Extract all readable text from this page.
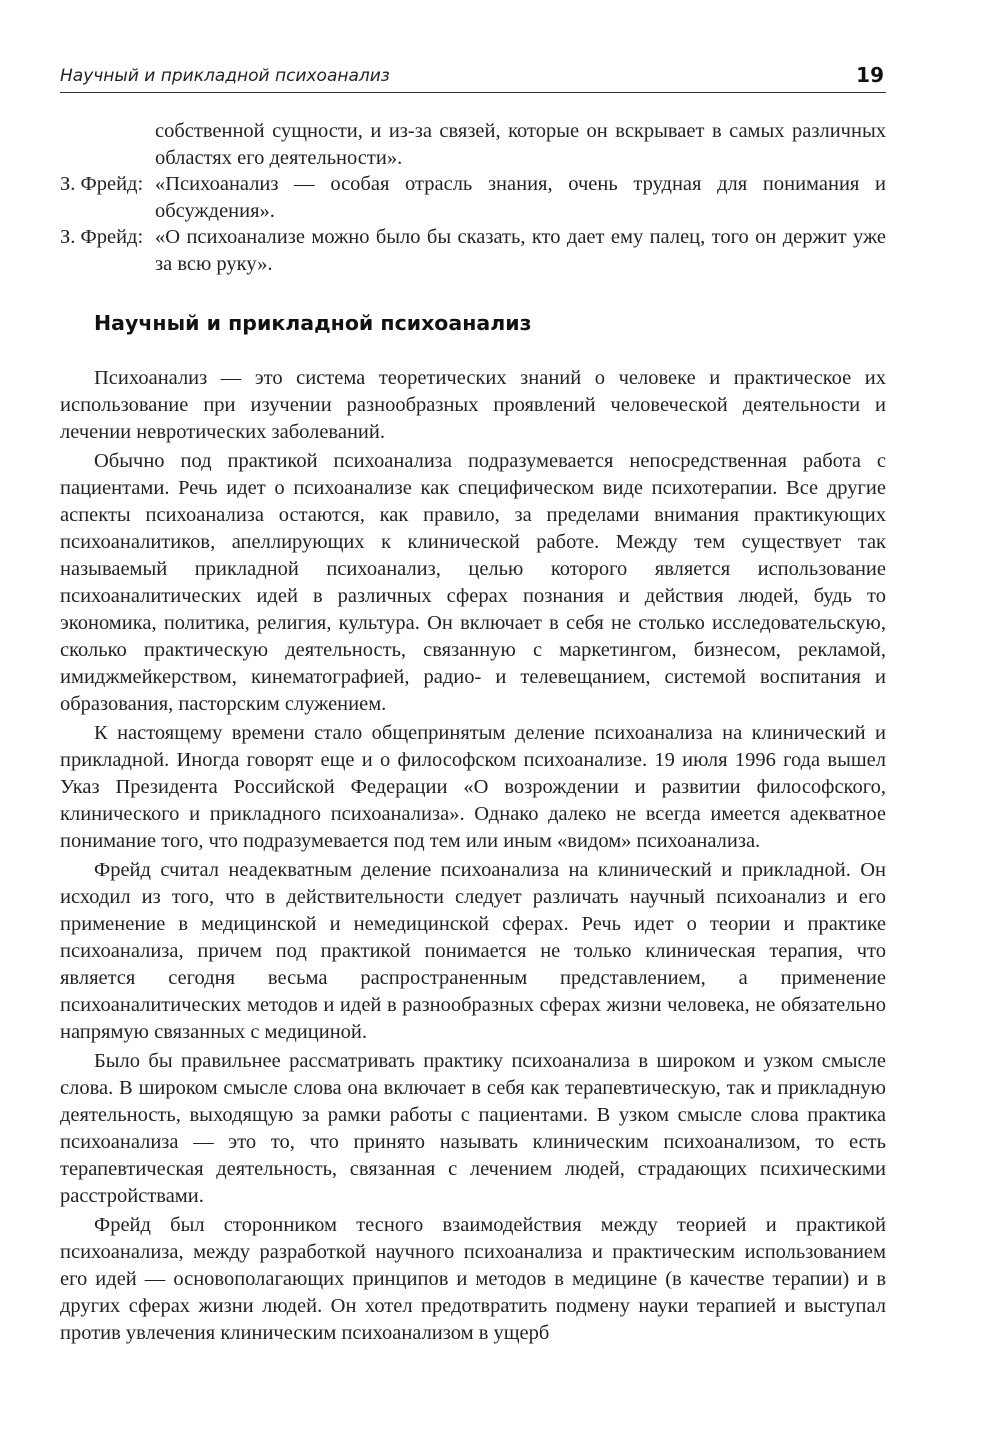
Научный и прикладной психоанализ	19
собственной сущности, и из-за связей, которые он вскрывает в самых различных областях его деятельности».
З. Фрейд: «Психоанализ — особая отрасль знания, очень трудная для понимания и обсуждения».
З. Фрейд: «О психоанализе можно было бы сказать, кто дает ему палец, того он держит уже за всю руку».
Научный и прикладной психоанализ

Психоанализ — это система теоретических знаний о человеке и практическое их использование при изучении разнообразных проявлений человеческой деятельности и лечении невротических заболеваний.

Обычно под практикой психоанализа подразумевается непосредственная работа с пациентами. Речь идет о психоанализе как специфическом виде психотерапии. Все другие аспекты психоанализа остаются, как правило, за пределами внимания практикующих психоаналитиков, апеллирующих к клинической работе. Между тем существует так называемый прикладной психоанализ, целью которого является использование психоаналитических идей в различных сферах познания и действия людей, будь то экономика, политика, религия, культура. Он включает в себя не столько исследовательскую, сколько практическую деятельность, связанную с маркетингом, бизнесом, рекламой, имиджмейкерством, кинематографией, радио- и телевещанием, системой воспитания и образования, пасторским служением.

К настоящему времени стало общепринятым деление психоанализа на клинический и прикладной. Иногда говорят еще и о философском психоанализе. 19 июля 1996 года вышел Указ Президента Российской Федерации «О возрождении и развитии философского, клинического и прикладного психоанализа». Однако далеко не всегда имеется адекватное понимание того, что подразумевается под тем или иным «видом» психоанализа.

Фрейд считал неадекватным деление психоанализа на клинический и прикладной. Он исходил из того, что в действительности следует различать научный психоанализ и его применение в медицинской и немедицинской сферах. Речь идет о теории и практике психоанализа, причем под практикой понимается не только клиническая терапия, что является сегодня весьма распространенным представлением, а применение психоаналитических методов и идей в разнообразных сферах жизни человека, не обязательно напрямую связанных с медициной.

Было бы правильнее рассматривать практику психоанализа в широком и узком смысле слова. В широком смысле слова она включает в себя как терапевтическую, так и прикладную деятельность, выходящую за рамки работы с пациентами. В узком смысле слова практика психоанализа — это то, что принято называть клиническим психоанализом, то есть терапевтическая деятельность, связанная с лечением людей, страдающих психическими расстройствами.

Фрейд был сторонником тесного взаимодействия между теорией и практикой психоанализа, между разработкой научного психоанализа и практическим использованием его идей — основополагающих принципов и методов в медицине (в качестве терапии) и в других сферах жизни людей. Он хотел предотвратить подмену науки терапией и выступал против увлечения клиническим психоанализом в ущерб
